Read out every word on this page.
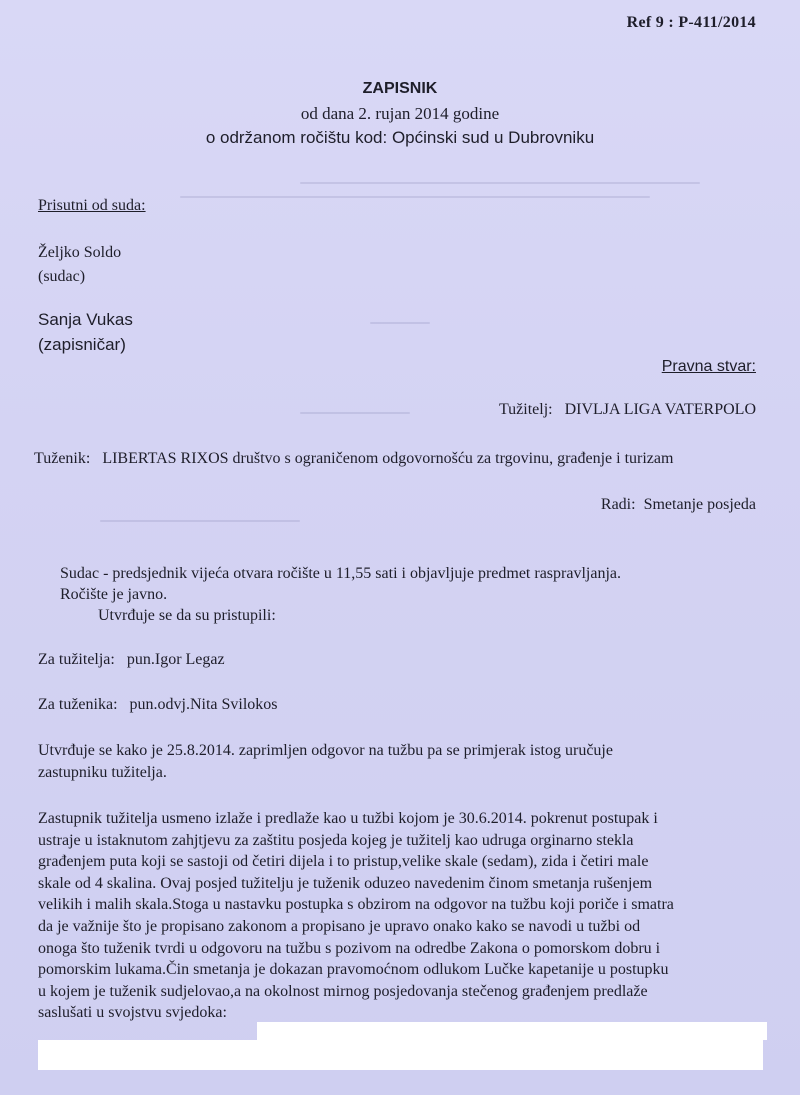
Ref 9 : P-411/2014
ZAPISNIK
od dana 2. rujan 2014 godine
o održanom ročištu kod: Općinski sud u Dubrovniku
Prisutni od suda:
Željko Soldo
(sudac)
Sanja Vukas
(zapisničar)
Pravna stvar:
Tužitelj: DIVLJA LIGA VATERPOLO
Tuženik: LIBERTAS RIXOS društvo s ograničenom odgovornošću za trgovinu, građenje i turizam
Radi: Smetanje posjeda
Sudac - predsjednik vijeća otvara ročište u 11,55 sati i objavljuje predmet raspravljanja.
Ročište je javno.
Utvrđuje se da su pristupili:
Za tužitelja: pun.Igor Legaz
Za tuženika: pun.odvj.Nita Svilokos
Utvrđuje se kako je 25.8.2014. zaprimljen odgovor na tužbu pa se primjerak istog uručuje
zastupniku tužitelja.
Zastupnik tužitelja usmeno izlaže i predlaže kao u tužbi kojom je 30.6.2014. pokrenut postupak i
ustraje u istaknutom zahjtjevu za zaštitu posjeda kojeg je tužitelj kao udruga orginarno stekla
građenjem puta koji se sastoji od četiri dijela i to pristup,velike skale (sedam), zida i četiri male
skale od 4 skalina. Ovaj posjed tužitelju je tuženik oduzeo navedenim činom smetanja rušenjem
velikih i malih skala.Stoga u nastavku postupka s obzirom na odgovor na tužbu koji poriče i smatra
da je važnije što je propisano zakonom a propisano je upravo onako kako se navodi u tužbi od
onoga što tuženik tvrdi u odgovoru na tužbu s pozivom na odredbe Zakona o pomorskom dobru i
pomorskim lukama.Čin smetanja je dokazan pravomoćnom odlukom Lučke kapetanije u postupku
u kojem je tuženik sudjelovao,a na okolnost mirnog posjedovanja stečenog građenjem predlaže
saslušati u svojstvu svjedoka:
